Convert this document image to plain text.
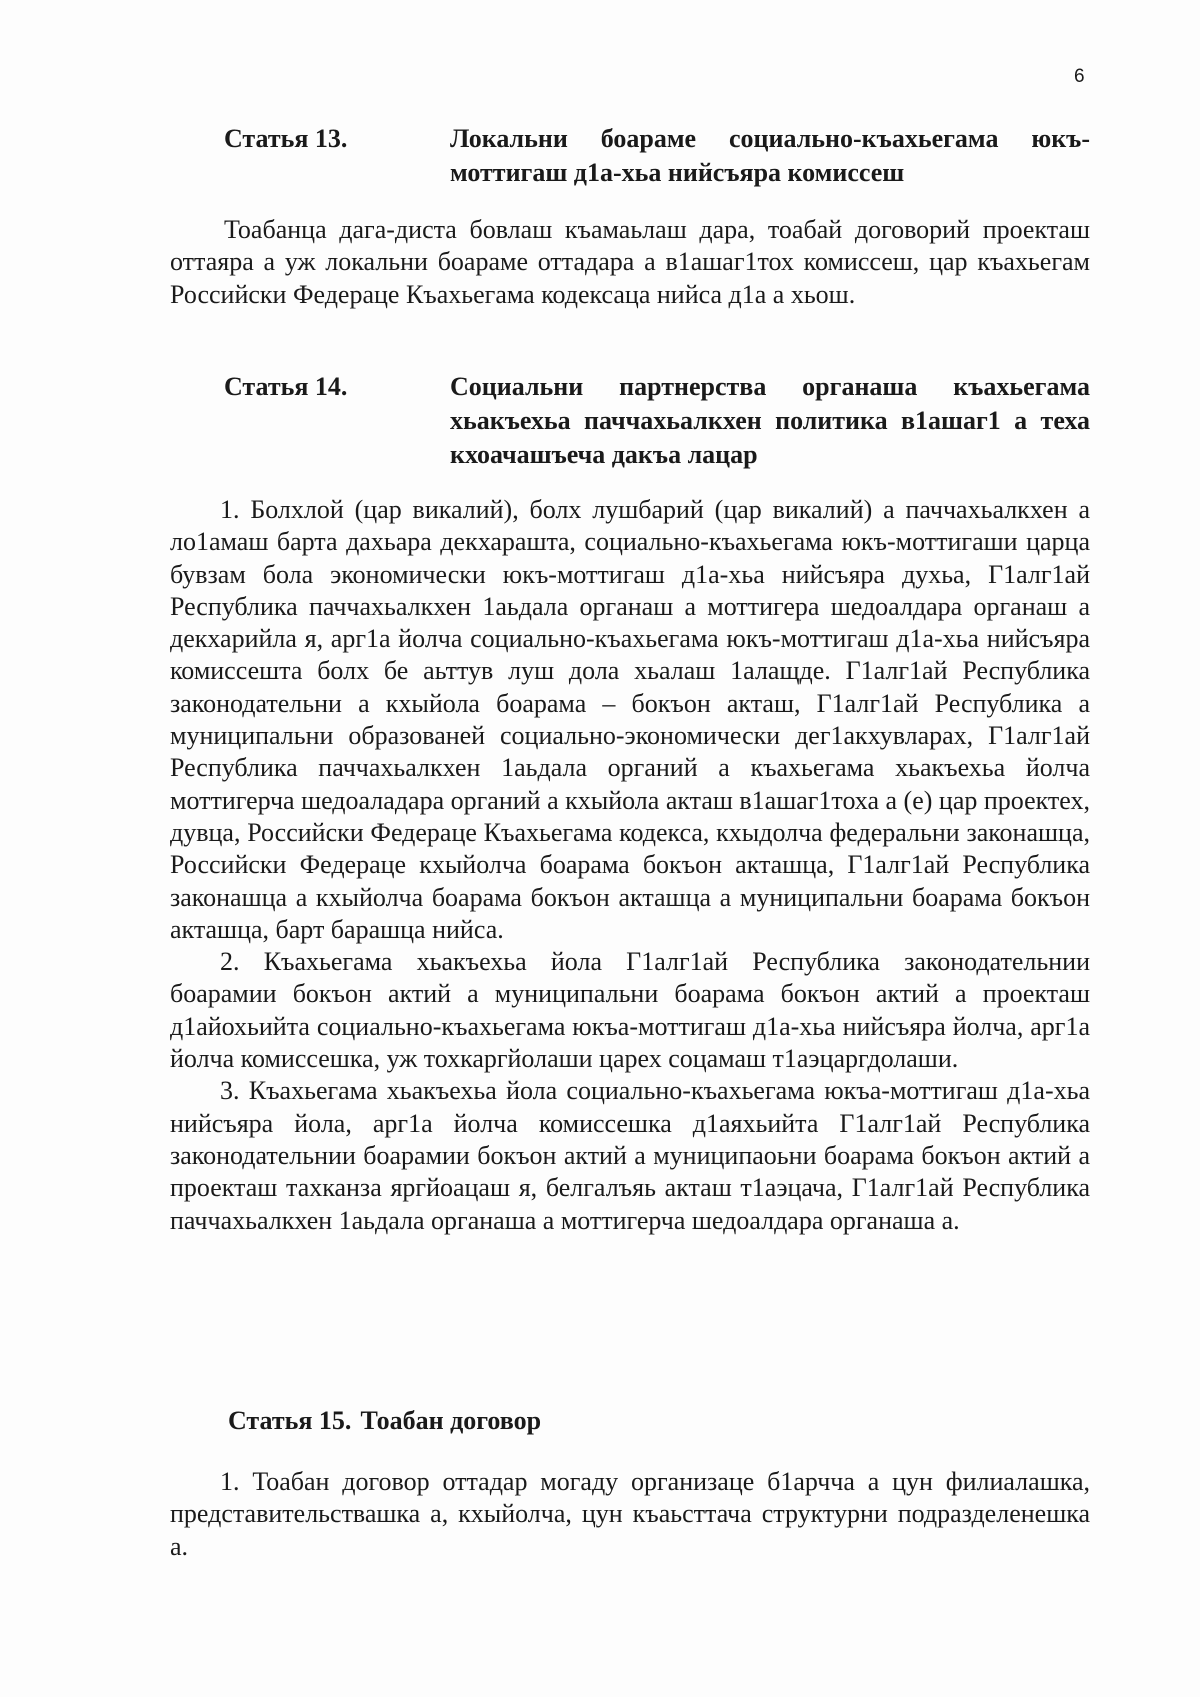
6
Статья 13.	Локальни боараме социально-къахьегама юкъ-моттигаш д1а-хьа нийсъяра комиссеш

Тоабанца дага-диста бовлаш къамаьлаш дара, тоабай договорий проекташ оттаяра а уж локальни боараме оттадара а в1ашаг1тох комиссеш, цар къахьегам Российски Федераце Къахьегама кодексаца нийса д1а а хьош.

Статья 14.	Социальни партнерства органаша къахьегама хьакъехьа паччахьалкхен политика в1ашаг1 а теха кхоачашъеча дакъа лацар

1. Болхлой (цар викалий), болх лушбарий (цар викалий) а паччахьалкхен а ло1амаш барта дахьара декхараштa, социально-къахьегама юкъ-моттигаши царца бувзам бола экономически юкъ-моттигаш д1а-хьа нийсъяра духьа, Г1алг1ай Республика паччахьалкхен 1аьдала органаш а моттигера шедоалдара органаш а декхарийла я, арг1а йолча социально-къахьегама юкъ-моттигаш д1а-хьа нийсъяра комиссешта болх бе аьттув луш дола хьалаш 1алащде. Г1алг1ай Республика законодательни а кхыйола боарама – бокъон акташ, Г1алг1ай Республика а муниципальни образованей социально-экономически дег1акхувлараx, Г1алг1ай Республика паччахьалкхен 1аьдала органий а къахьегама хьакъехьа йолча моттигерча шедоаладара органий а кхыйола акташ в1ашаг1тоха а (е) цар проектех, дувца, Российски Федераце Къахьегама кодекса, кхыдолча федеральни законашца, Российски Федераце кхыйолча боарама бокъон акташца, Г1алг1ай Республика законашца а кхыйолча боарама бокъон акташца а муниципальни боарама бокъон акташца, барт барашца нийса.

2. Къахьегама хьакъехьа йола Г1алг1ай Республика законодательнии боарамии бокъон актий а муниципальни боарама бокъон актий а проекташ д1айохьийта социально-къахьегама юкъа-моттигаш д1а-хьа нийсъяра йолча, арг1а йолча комиссешка, уж тохкаргйолаши царех соцамаш т1аэцаргдолаши.

3. Къахьегама хьакъехьа йола социально-къахьегама юкъа-моттигаш д1а-хьа нийсъяра йола, арг1а йолча комиссешка д1аяхьийта Г1алг1ай Республика законодательнии боарамии бокъон актий а муниципаоьни боарама бокъон актий а проекташ тахканза яргйоацаш я, белгалъяь акташ т1аэцача, Г1алг1ай Республика паччахьалкхен 1аьдала органаша а моттигерча шедоалдара органаша а.

Статья 15. Тоабан договор

1. Тоабан договор оттадар могаду организаце б1арчча а цун филиалашка, представительствашка а, кхыйолча, цун къаьсттача структурни подразделенешка а.
